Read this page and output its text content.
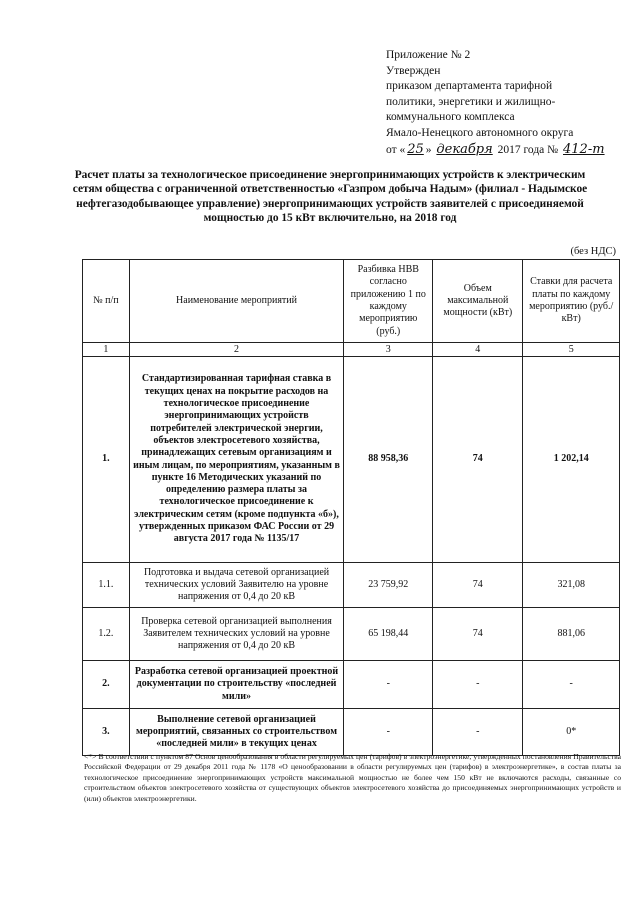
Приложение № 2
Утвержден
приказом департамента тарифной
политики, энергетики и жилищно-
коммунального комплекса
Ямало-Ненецкого автономного округа
от « 25 » декабря 2017 года № 412-т
Расчет платы за технологическое присоединение энергопринимающих устройств к электрическим сетям общества с ограниченной ответственностью «Газпром добыча Надым» (филиал - Надымское нефтегазодобывающее управление) энергопринимающих устройств заявителей с присоединяемой мощностью до 15 кВт включительно, на 2018 год
(без НДС)
№ п/п	Наименование мероприятий	Разбивка НВВ согласно приложению 1 по каждому мероприятию (руб.)	Объем максимальной мощности (кВт)	Ставки для расчета платы по каждому мероприятию (руб./кВт)
1	2	3	4	5
1.	Стандартизированная тарифная ставка в текущих ценах на покрытие расходов на технологическое присоединение энергопринимающих устройств потребителей электрической энергии, объектов электросетевого хозяйства, принадлежащих сетевым организациям и иным лицам, по мероприятиям, указанным в пункте 16 Методических указаний по определению размера платы за технологическое присоединение к электрическим сетям (кроме подпункта «б»), утвержденных приказом ФАС России от 29 августа 2017 года № 1135/17	88 958,36	74	1 202,14
1.1.	Подготовка и выдача сетевой организацией технических условий Заявителю на уровне напряжения от 0,4 до 20 кВ	23 759,92	74	321,08
1.2.	Проверка сетевой организацией выполнения Заявителем технических условий на уровне напряжения от 0,4 до 20 кВ	65 198,44	74	881,06
2.	Разработка сетевой организацией проектной документации по строительству «последней мили»	-	-	-
3.	Выполнение сетевой организацией мероприятий, связанных со строительством «последней мили» в текущих ценах	-	-	0*
<*> В соответствии с пунктом 87 Основ ценообразования в области регулируемых цен (тарифов) в электроэнергетике, утвержденных постановления Правительства Российской Федерации от 29 декабря 2011 года № 1178 «О ценообразовании в области регулируемых цен (тарифов) в электроэнергетике», в состав платы за технологическое присоединение энергопринимающих устройств максимальной мощностью не более чем 150 кВт не включаются расходы, связанные со строительством объектов электросетевого хозяйства от существующих объектов электросетевого хозяйства до присоединяемых энергопринимающих устройств и (или) объектов электроэнергетики.
